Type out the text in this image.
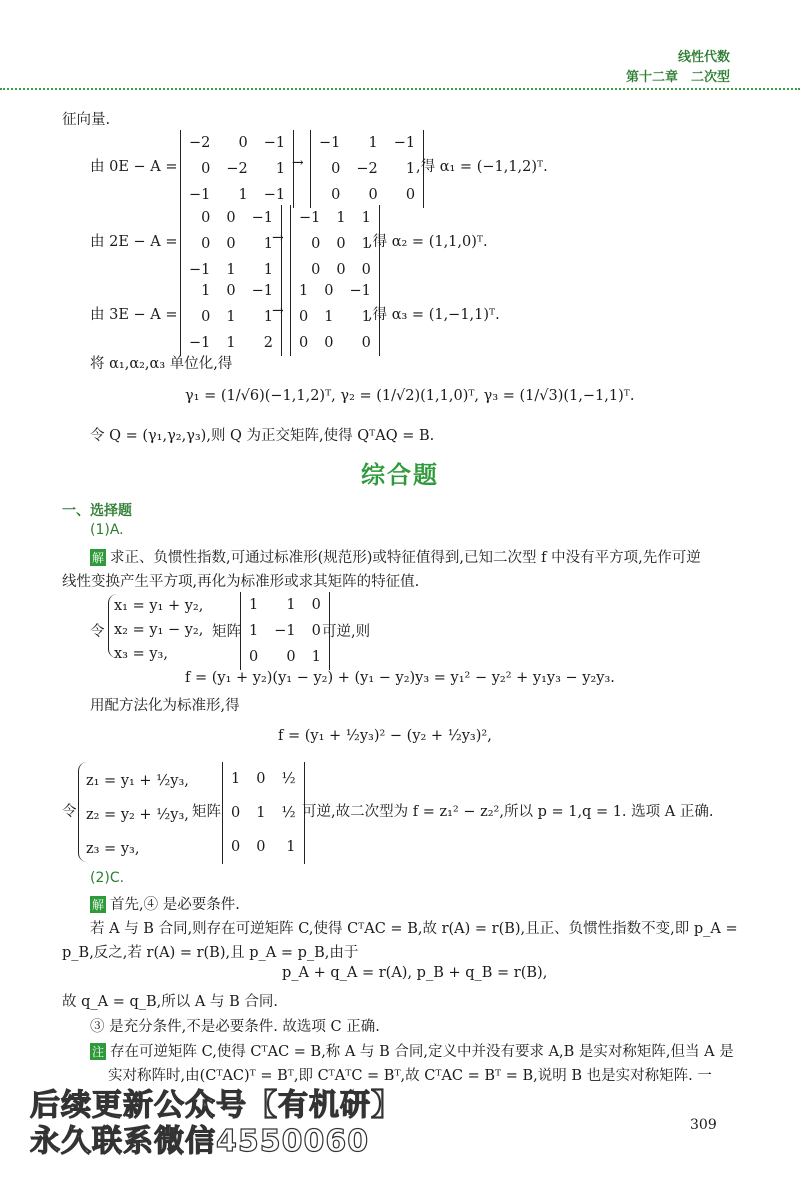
线性代数
第十二章　二次型
征向量.
由 0E − A =
−2	0	−1
0	−2	1
−1	1	−1
→
−1	1	−1
0	−2	1
0	0	0
,得 α₁ = (−1,1,2)ᵀ.
由 2E − A =
0	0	−1
0	0	1
−1	1	1
→
−1	1	1
0	0	1
0	0	0
,得 α₂ = (1,1,0)ᵀ.
由 3E − A =
1	0	−1
0	1	1
−1	1	2
→
1	0	−1
0	1	1
0	0	0
,得 α₃ = (1,−1,1)ᵀ.
将 α₁,α₂,α₃ 单位化,得
γ₁ = (1/√6)(−1,1,2)ᵀ, γ₂ = (1/√2)(1,1,0)ᵀ, γ₃ = (1/√3)(1,−1,1)ᵀ.
令 Q = (γ₁,γ₂,γ₃),则 Q 为正交矩阵,使得 QᵀAQ = B.
综合题
一、选择题
(1)A.
解 求正、负惯性指数,可通过标准形(规范形)或特征值得到,已知二次型 f 中没有平方项,先作可逆
线性变换产生平方项,再化为标准形或求其矩阵的特征值.
令
x₁ = y₁ + y₂,
x₂ = y₁ − y₂,
x₃ = y₃,
矩阵
1	1	0
1	−1	0
0	0	1
可逆,则
f = (y₁ + y₂)(y₁ − y₂) + (y₁ − y₂)y₃ = y₁² − y₂² + y₁y₃ − y₂y₃.
用配方法化为标准形,得
f = (y₁ + ½y₃)² − (y₂ + ½y₃)²,
令
z₁ = y₁ + ½y₃,
z₂ = y₂ + ½y₃,
z₃ = y₃,
矩阵
1	0	½
0	1	½
0	0	1
可逆,故二次型为 f = z₁² − z₂²,所以 p = 1,q = 1. 选项 A 正确.
(2)C.
解 首先,④ 是必要条件.
若 A 与 B 合同,则存在可逆矩阵 C,使得 CᵀAC = B,故 r(A) = r(B),且正、负惯性指数不变,即 p_A =
p_B,反之,若 r(A) = r(B),且 p_A = p_B,由于
p_A + q_A = r(A), p_B + q_B = r(B),
故 q_A = q_B,所以 A 与 B 合同.
③ 是充分条件,不是必要条件. 故选项 C 正确.
注 存在可逆矩阵 C,使得 CᵀAC = B,称 A 与 B 合同,定义中并没有要求 A,B 是实对称矩阵,但当 A 是
实对称阵时,由(CᵀAC)ᵀ = Bᵀ,即 CᵀAᵀC = Bᵀ,故 CᵀAC = Bᵀ = B,说明 B 也是实对称矩阵. 一
后续更新公众号【有机研】
永久联系微信4550060	309
